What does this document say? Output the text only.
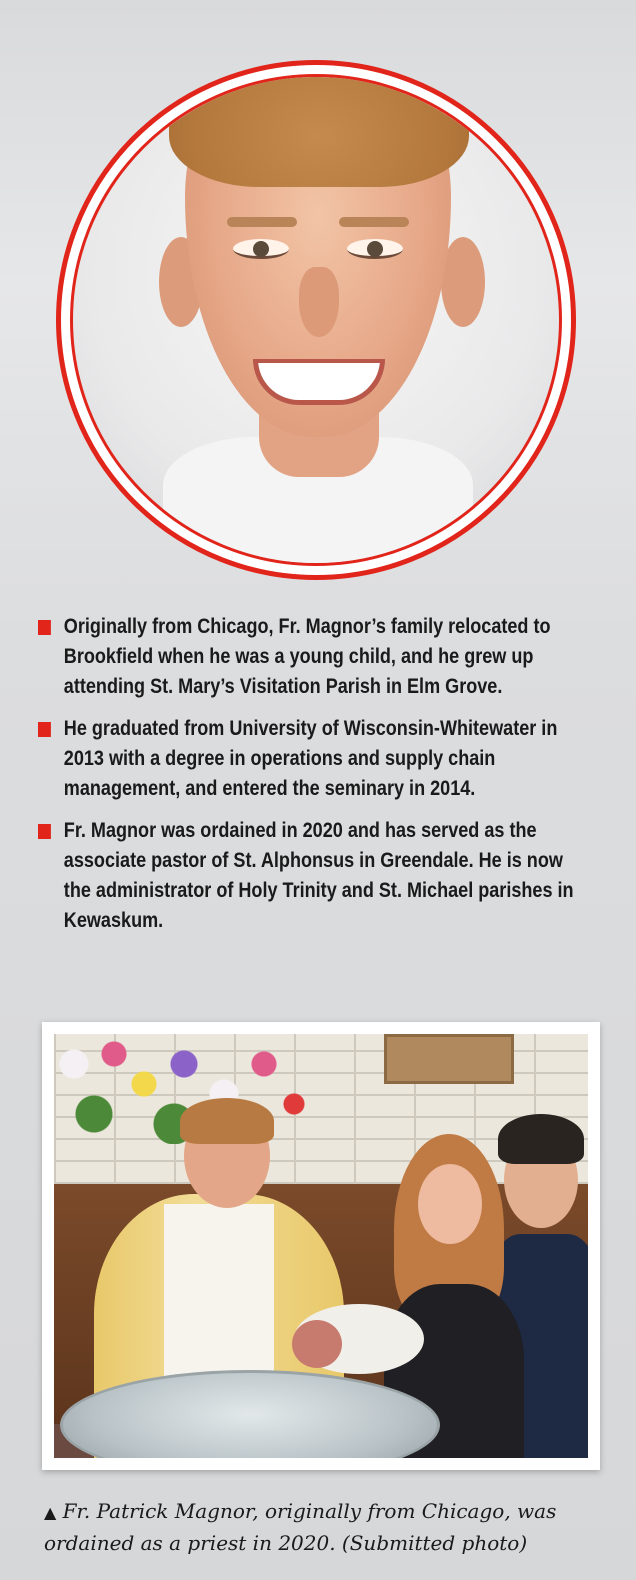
Originally from Chicago, Fr. Magnor’s family relocated to Brookfield when he was a young child, and he grew up attending St. Mary’s Visitation Parish in Elm Grove.
He graduated from University of Wisconsin-Whitewater in 2013 with a degree in operations and supply chain management, and entered the seminary in 2014.
Fr. Magnor was ordained in 2020 and has served as the associate pastor of St. Alphonsus in Greendale. He is now the administrator of Holy Trinity and St. Michael parishes in Kewaskum.
▲ Fr. Patrick Magnor, originally from Chicago, was ordained as a priest in 2020. (Submitted photo)
